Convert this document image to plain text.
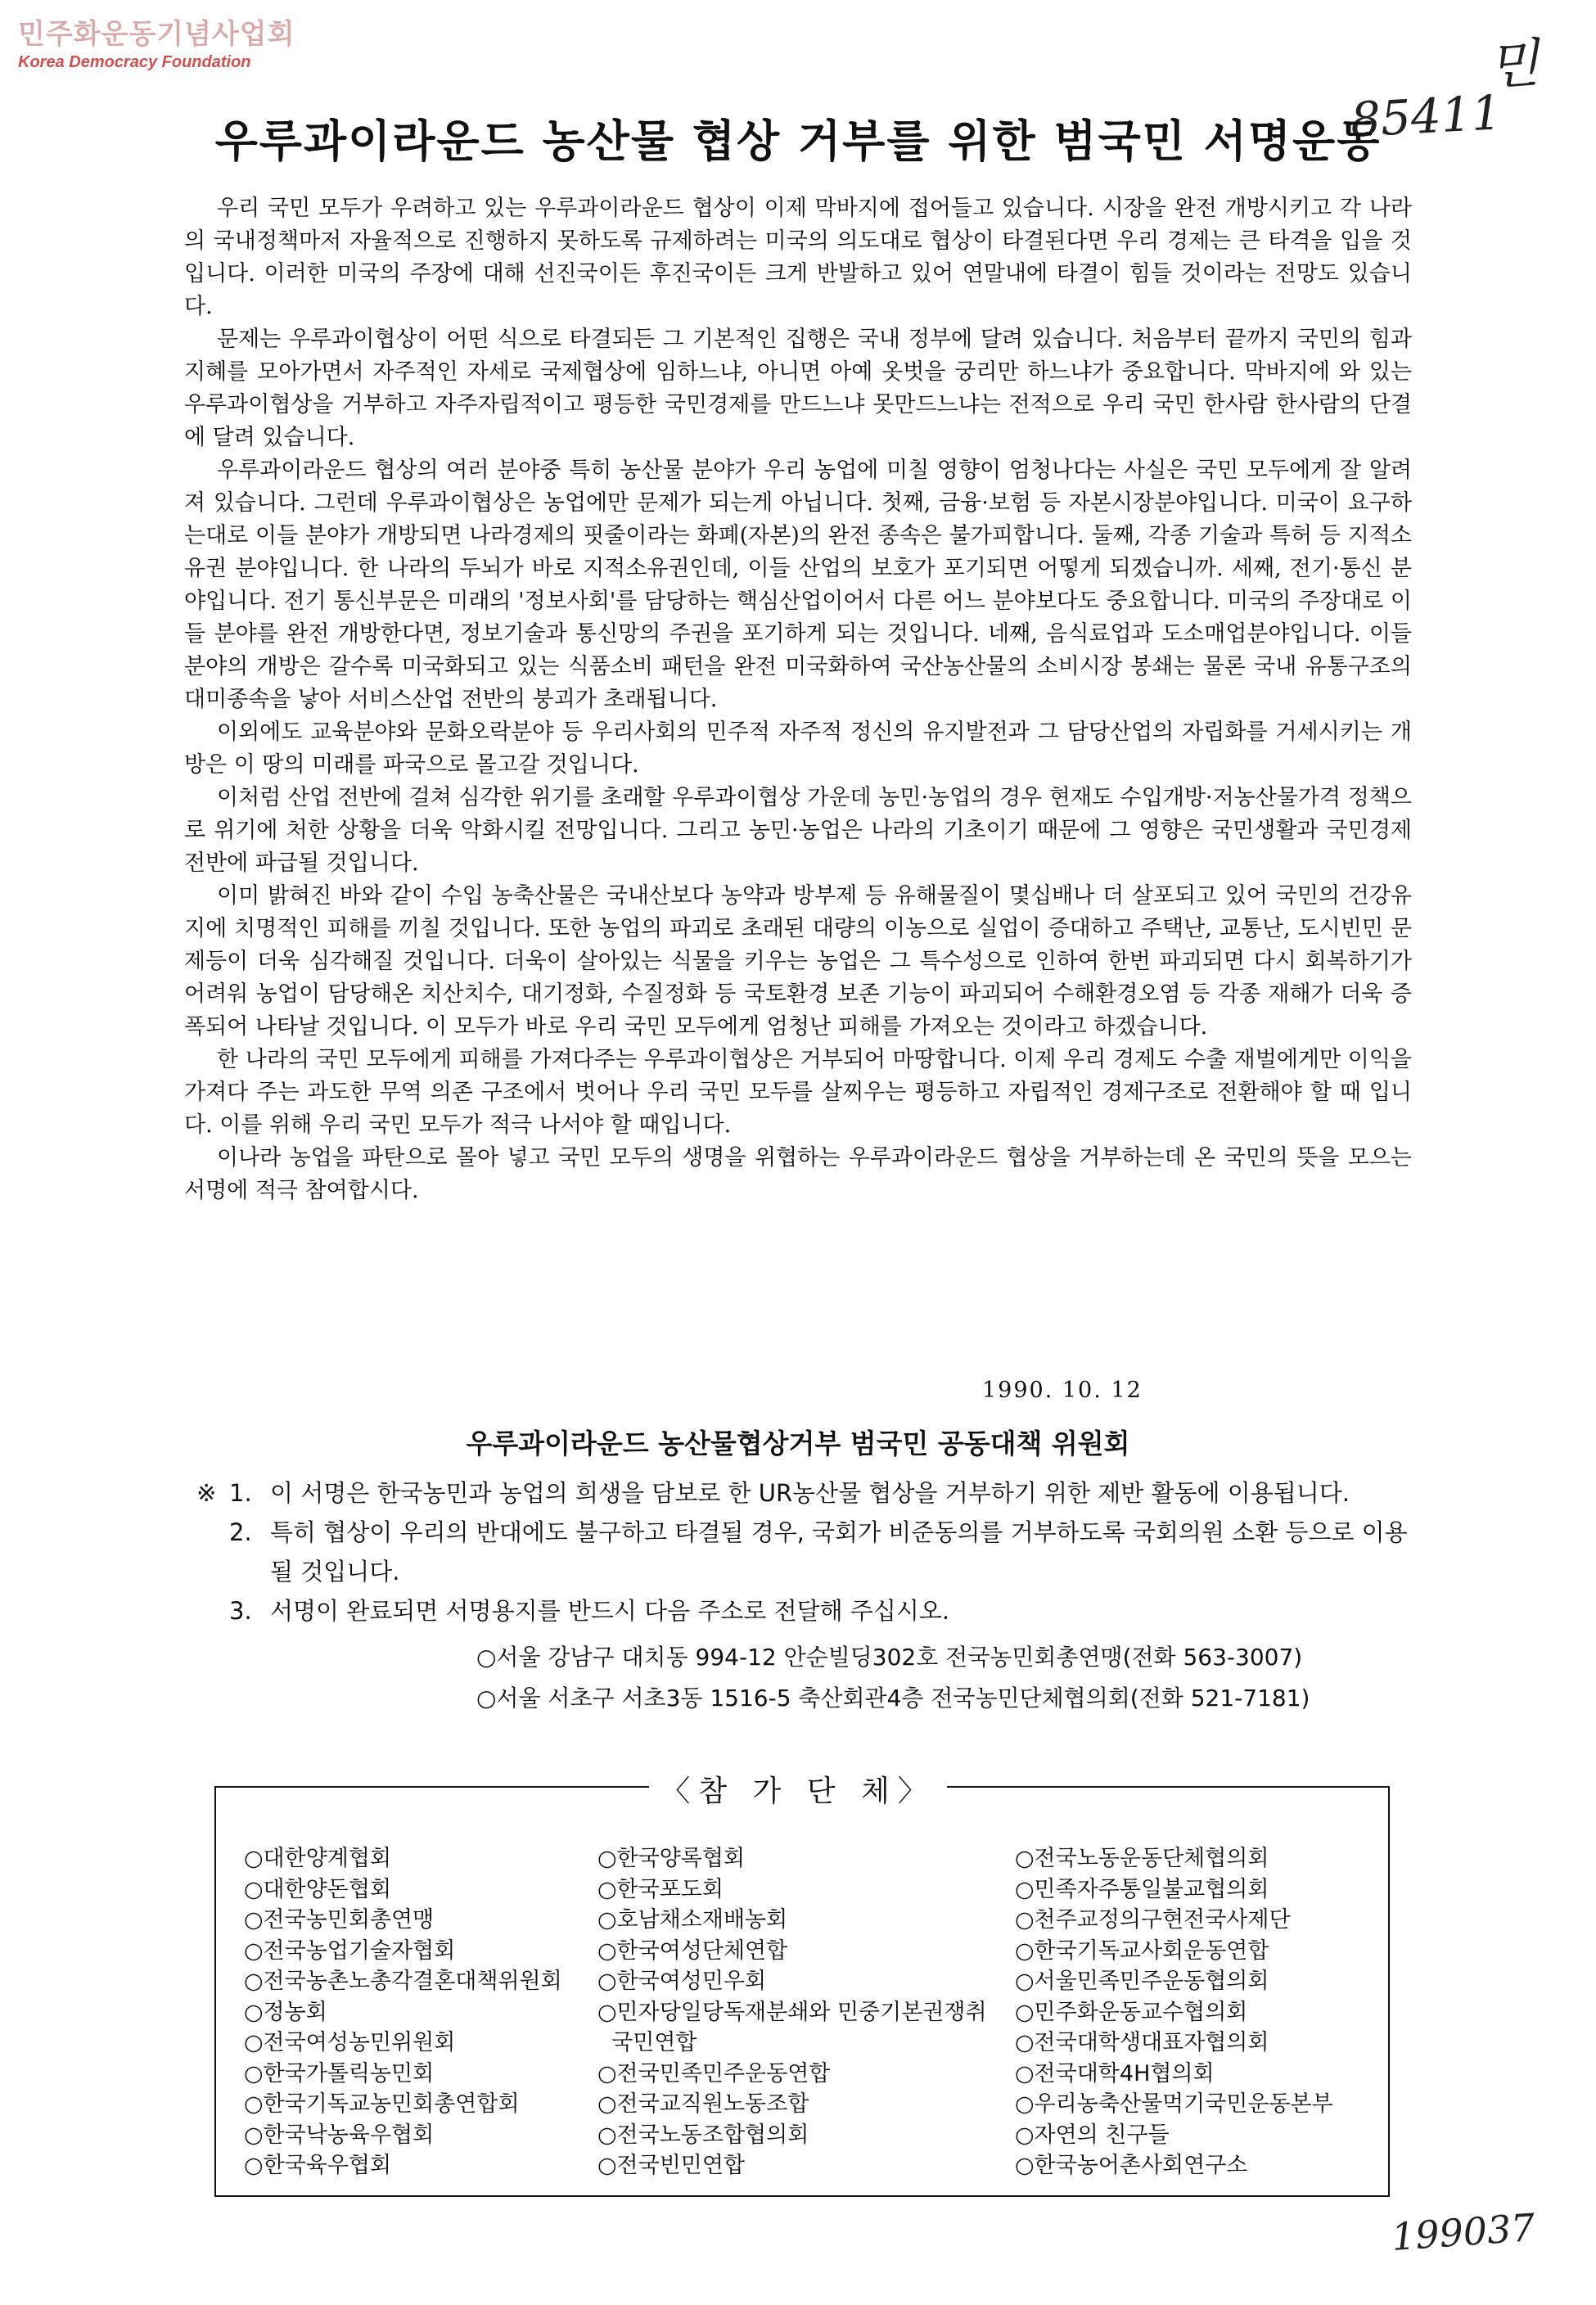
민주화운동기념사업회
Korea Democracy Foundation	민
85411
우루과이라운드 농산물 협상 거부를 위한 범국민 서명운동

우리 국민 모두가 우려하고 있는 우루과이라운드 협상이 이제 막바지에 접어들고 있습니다. 시장을 완전 개방시키고 각 나라의 국내정책마저 자율적으로 진행하지 못하도록 규제하려는 미국의 의도대로 협상이 타결된다면 우리 경제는 큰 타격을 입을 것입니다. 이러한 미국의 주장에 대해 선진국이든 후진국이든 크게 반발하고 있어 연말내에 타결이 힘들 것이라는 전망도 있습니다.

문제는 우루과이협상이 어떤 식으로 타결되든 그 기본적인 집행은 국내 정부에 달려 있습니다. 처음부터 끝까지 국민의 힘과 지혜를 모아가면서 자주적인 자세로 국제협상에 임하느냐, 아니면 아예 옷벗을 궁리만 하느냐가 중요합니다. 막바지에 와 있는 우루과이협상을 거부하고 자주자립적이고 평등한 국민경제를 만드느냐 못만드느냐는 전적으로 우리 국민 한사람 한사람의 단결에 달려 있습니다.

우루과이라운드 협상의 여러 분야중 특히 농산물 분야가 우리 농업에 미칠 영향이 엄청나다는 사실은 국민 모두에게 잘 알려져 있습니다. 그런데 우루과이협상은 농업에만 문제가 되는게 아닙니다. 첫째, 금융·보험 등 자본시장분야입니다. 미국이 요구하는대로 이들 분야가 개방되면 나라경제의 핏줄이라는 화폐(자본)의 완전 종속은 불가피합니다. 둘째, 각종 기술과 특허 등 지적소유권 분야입니다. 한 나라의 두뇌가 바로 지적소유권인데, 이들 산업의 보호가 포기되면 어떻게 되겠습니까. 세째, 전기·통신 분야입니다. 전기 통신부문은 미래의 '정보사회'를 담당하는 핵심산업이어서 다른 어느 분야보다도 중요합니다. 미국의 주장대로 이들 분야를 완전 개방한다면, 정보기술과 통신망의 주권을 포기하게 되는 것입니다. 네째, 음식료업과 도소매업분야입니다. 이들 분야의 개방은 갈수록 미국화되고 있는 식품소비 패턴을 완전 미국화하여 국산농산물의 소비시장 봉쇄는 물론 국내 유통구조의 대미종속을 낳아 서비스산업 전반의 붕괴가 초래됩니다.

이외에도 교육분야와 문화오락분야 등 우리사회의 민주적 자주적 정신의 유지발전과 그 담당산업의 자립화를 거세시키는 개방은 이 땅의 미래를 파국으로 몰고갈 것입니다.

이처럼 산업 전반에 걸쳐 심각한 위기를 초래할 우루과이협상 가운데 농민·농업의 경우 현재도 수입개방·저농산물가격 정책으로 위기에 처한 상황을 더욱 악화시킬 전망입니다. 그리고 농민·농업은 나라의 기초이기 때문에 그 영향은 국민생활과 국민경제 전반에 파급될 것입니다.

이미 밝혀진 바와 같이 수입 농축산물은 국내산보다 농약과 방부제 등 유해물질이 몇십배나 더 살포되고 있어 국민의 건강유지에 치명적인 피해를 끼칠 것입니다. 또한 농업의 파괴로 초래된 대량의 이농으로 실업이 증대하고 주택난, 교통난, 도시빈민 문제등이 더욱 심각해질 것입니다. 더욱이 살아있는 식물을 키우는 농업은 그 특수성으로 인하여 한번 파괴되면 다시 회복하기가 어려워 농업이 담당해온 치산치수, 대기정화, 수질정화 등 국토환경 보존 기능이 파괴되어 수해환경오염 등 각종 재해가 더욱 증폭되어 나타날 것입니다. 이 모두가 바로 우리 국민 모두에게 엄청난 피해를 가져오는 것이라고 하겠습니다.

한 나라의 국민 모두에게 피해를 가져다주는 우루과이협상은 거부되어 마땅합니다. 이제 우리 경제도 수출 재벌에게만 이익을 가져다 주는 과도한 무역 의존 구조에서 벗어나 우리 국민 모두를 살찌우는 평등하고 자립적인 경제구조로 전환해야 할 때 입니다. 이를 위해 우리 국민 모두가 적극 나서야 할 때입니다.

이나라 농업을 파탄으로 몰아 넣고 국민 모두의 생명을 위협하는 우루과이라운드 협상을 거부하는데 온 국민의 뜻을 모으는 서명에 적극 참여합시다.

1990. 10. 12
우루과이라운드 농산물협상거부 범국민 공동대책 위원회
※ 1. 이 서명은 한국농민과 농업의 희생을 담보로 한 UR농산물 협상을 거부하기 위한 제반 활동에 이용됩니다.
2. 특히 협상이 우리의 반대에도 불구하고 타결될 경우, 국회가 비준동의를 거부하도록 국회의원 소환 등으로 이용될 것입니다.
3. 서명이 완료되면 서명용지를 반드시 다음 주소로 전달해 주십시오.
○서울 강남구 대치동 994-12 안순빌딩302호 전국농민회총연맹(전화 563-3007)
○서울 서초구 서초3동 1516-5 축산회관4층 전국농민단체협의회(전화 521-7181)
〈참 가 단 체〉
○대한양계협회
○대한양돈협회
○전국농민회총연맹
○전국농업기술자협회
○전국농촌노총각결혼대책위원회
○정농회
○전국여성농민위원회
○한국가톨릭농민회
○한국기독교농민회총연합회
○한국낙농육우협회
○한국육우협회
○한국양록협회
○한국포도회
○호남채소재배농회
○한국여성단체연합
○한국여성민우회
○민자당일당독재분쇄와 민중기본권쟁취
국민연합
○전국민족민주운동연합
○전국교직원노동조합
○전국노동조합협의회
○전국빈민연합
○전국노동운동단체협의회
○민족자주통일불교협의회
○천주교정의구현전국사제단
○한국기독교사회운동연합
○서울민족민주운동협의회
○민주화운동교수협의회
○전국대학생대표자협의회
○전국대학4H협의회
○우리농축산물먹기국민운동본부
○자연의 친구들
○한국농어촌사회연구소
199037
